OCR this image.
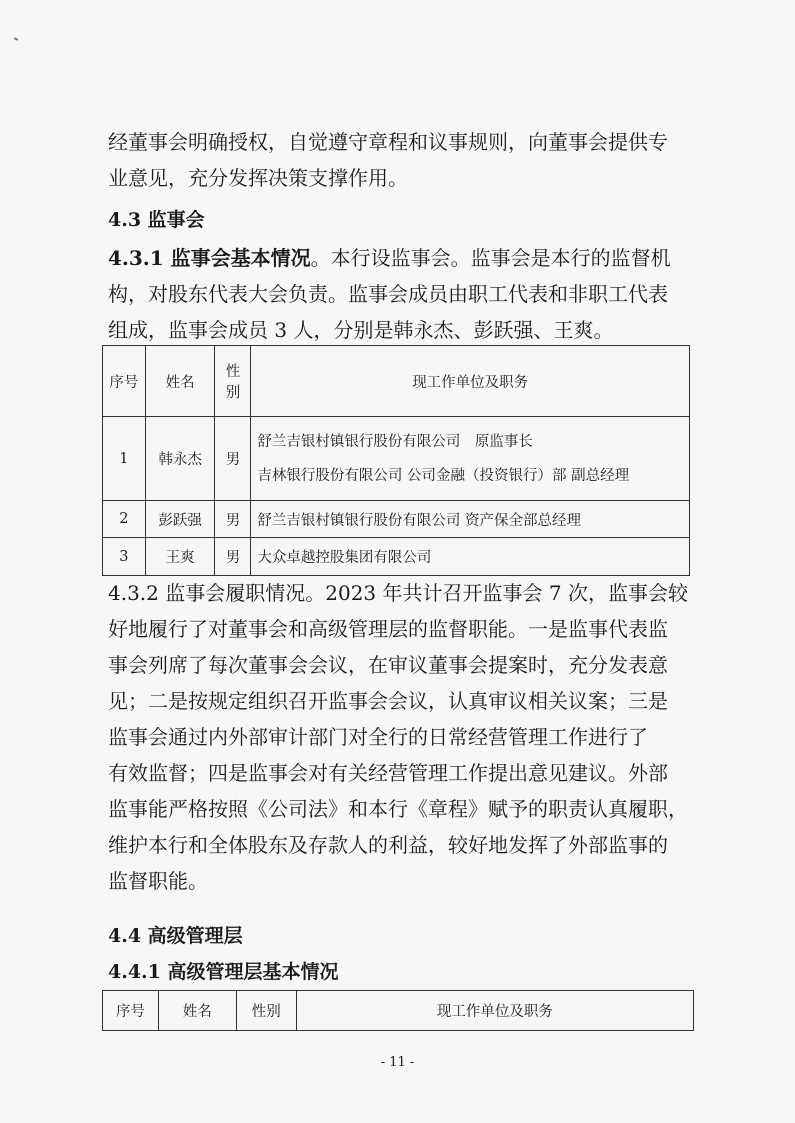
经董事会明确授权，自觉遵守章程和议事规则，向董事会提供专
业意见，充分发挥决策支撑作用。
4.3 监事会
4.3.1 监事会基本情况。本行设监事会。监事会是本行的监督机
构，对股东代表大会负责。监事会成员由职工代表和非职工代表
组成，监事会成员 3 人，分别是韩永杰、彭跃强、王爽。
序号	姓名	性别	现工作单位及职务
1	韩永杰	男	舒兰吉银村镇银行股份有限公司　原监事长
吉林银行股份有限公司 公司金融（投资银行）部 副总经理

2	彭跃强	男	舒兰吉银村镇银行股份有限公司 资产保全部总经理
3	王爽	男	大众卓越控股集团有限公司
4.3.2 监事会履职情况。2023 年共计召开监事会 7 次，监事会较
好地履行了对董事会和高级管理层的监督职能。一是监事代表监
事会列席了每次董事会会议，在审议董事会提案时，充分发表意
见；二是按规定组织召开监事会会议，认真审议相关议案；三是
监事会通过内外部审计部门对全行的日常经营管理工作进行了
有效监督；四是监事会对有关经营管理工作提出意见建议。外部
监事能严格按照《公司法》和本行《章程》赋予的职责认真履职，
维护本行和全体股东及存款人的利益，较好地发挥了外部监事的
监督职能。
4.4 高级管理层
4.4.1 高级管理层基本情况
序号	姓名	性别	现工作单位及职务
- 11 -
